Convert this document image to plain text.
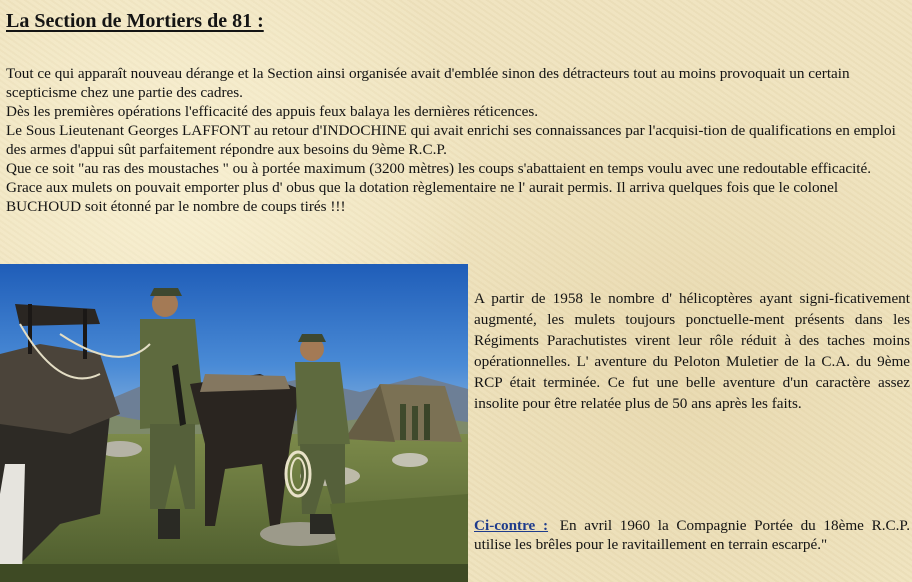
La Section de Mortiers de 81 :

Tout ce qui apparaît nouveau dérange et la Section ainsi organisée avait d'emblée sinon des détracteurs tout au moins provoquait un certain scepticisme chez une partie des cadres.

Dès les premières opérations l'efficacité des appuis feux balaya les dernières réticences.

Le Sous Lieutenant Georges LAFFONT au retour d'INDOCHINE qui avait enrichi ses connaissances par l'acquisi-tion de qualifications en emploi des armes d'appui sût parfaitement répondre aux besoins du 9ème R.C.P.

Que ce soit "au ras des moustaches " ou à portée maximum (3200 mètres) les coups s'abattaient en temps voulu avec une redoutable efficacité. Grace aux mulets on pouvait emporter plus d' obus que la dotation règlementaire ne l' aurait permis. Il arriva quelques fois que le colonel BUCHOUD soit étonné par le nombre de coups tirés !!!

A partir de 1958 le nombre d' hélicoptères ayant signi-ficativement augmenté, les mulets toujours ponctuelle-ment présents dans les Régiments Parachutistes virent leur rôle réduit à des taches moins opérationnelles. L' aventure du Peloton Muletier de la C.A. du 9ème RCP était terminée. Ce fut une belle aventure d'un caractère assez insolite pour être relatée plus de 50 ans après les faits.

Ci-contre : En avril 1960 la Compagnie Portée du 18ème R.C.P. utilise les brêles pour le ravitaillement en terrain escarpé."
